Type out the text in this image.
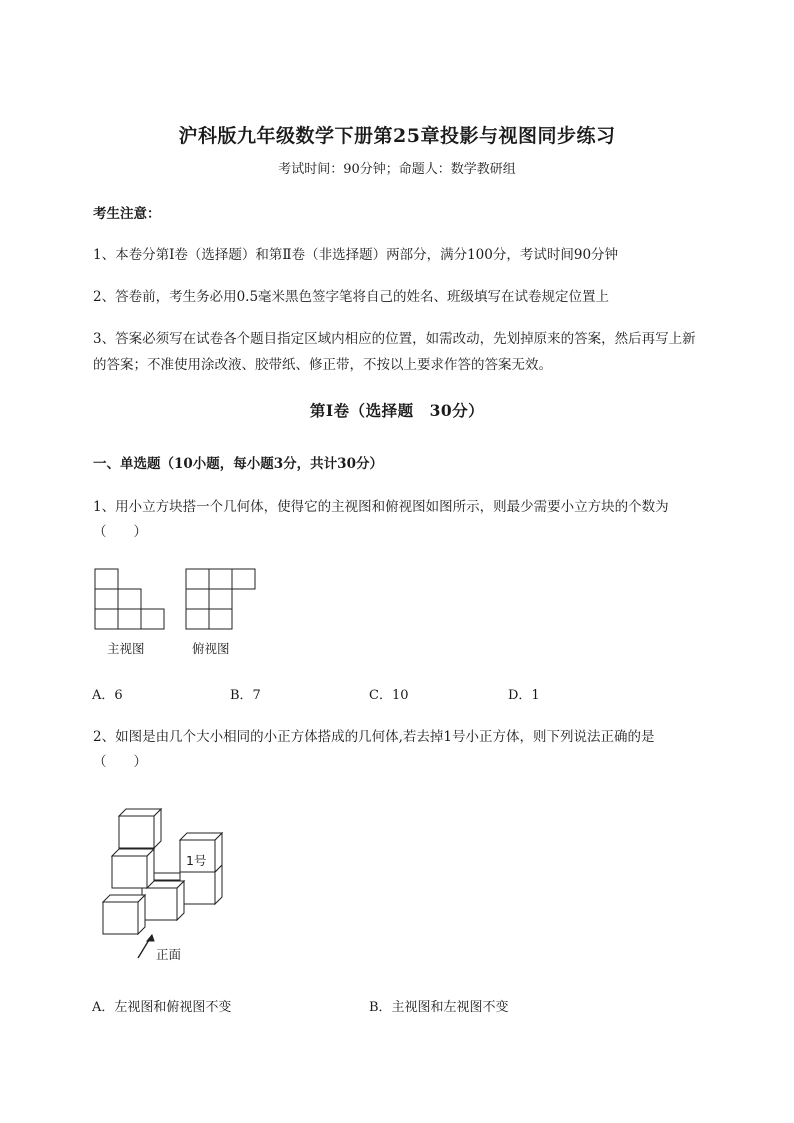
沪科版九年级数学下册第25章投影与视图同步练习
考试时间：90分钟；命题人：数学教研组
考生注意：
1、本卷分第I卷（选择题）和第Ⅱ卷（非选择题）两部分，满分100分，考试时间90分钟
2、答卷前，考生务必用0.5毫米黑色签字笔将自己的姓名、班级填写在试卷规定位置上
3、答案必须写在试卷各个题目指定区域内相应的位置，如需改动，先划掉原来的答案，然后再写上新
的答案；不准使用涂改液、胶带纸、修正带，不按以上要求作答的答案无效。
第I卷（选择题　30分）
一、单选题（10小题，每小题3分，共计30分）
1、用小立方块搭一个几何体，使得它的主视图和俯视图如图所示，则最少需要小立方块的个数为
（　　）
主视图	俯视图
A．6	B．7	C．10	D．1
2、如图是由几个大小相同的小正方体搭成的几何体,若去掉1号小正方体，则下列说法正确的是
（　　）
1号
正面
A．左视图和俯视图不变	B．主视图和左视图不变
